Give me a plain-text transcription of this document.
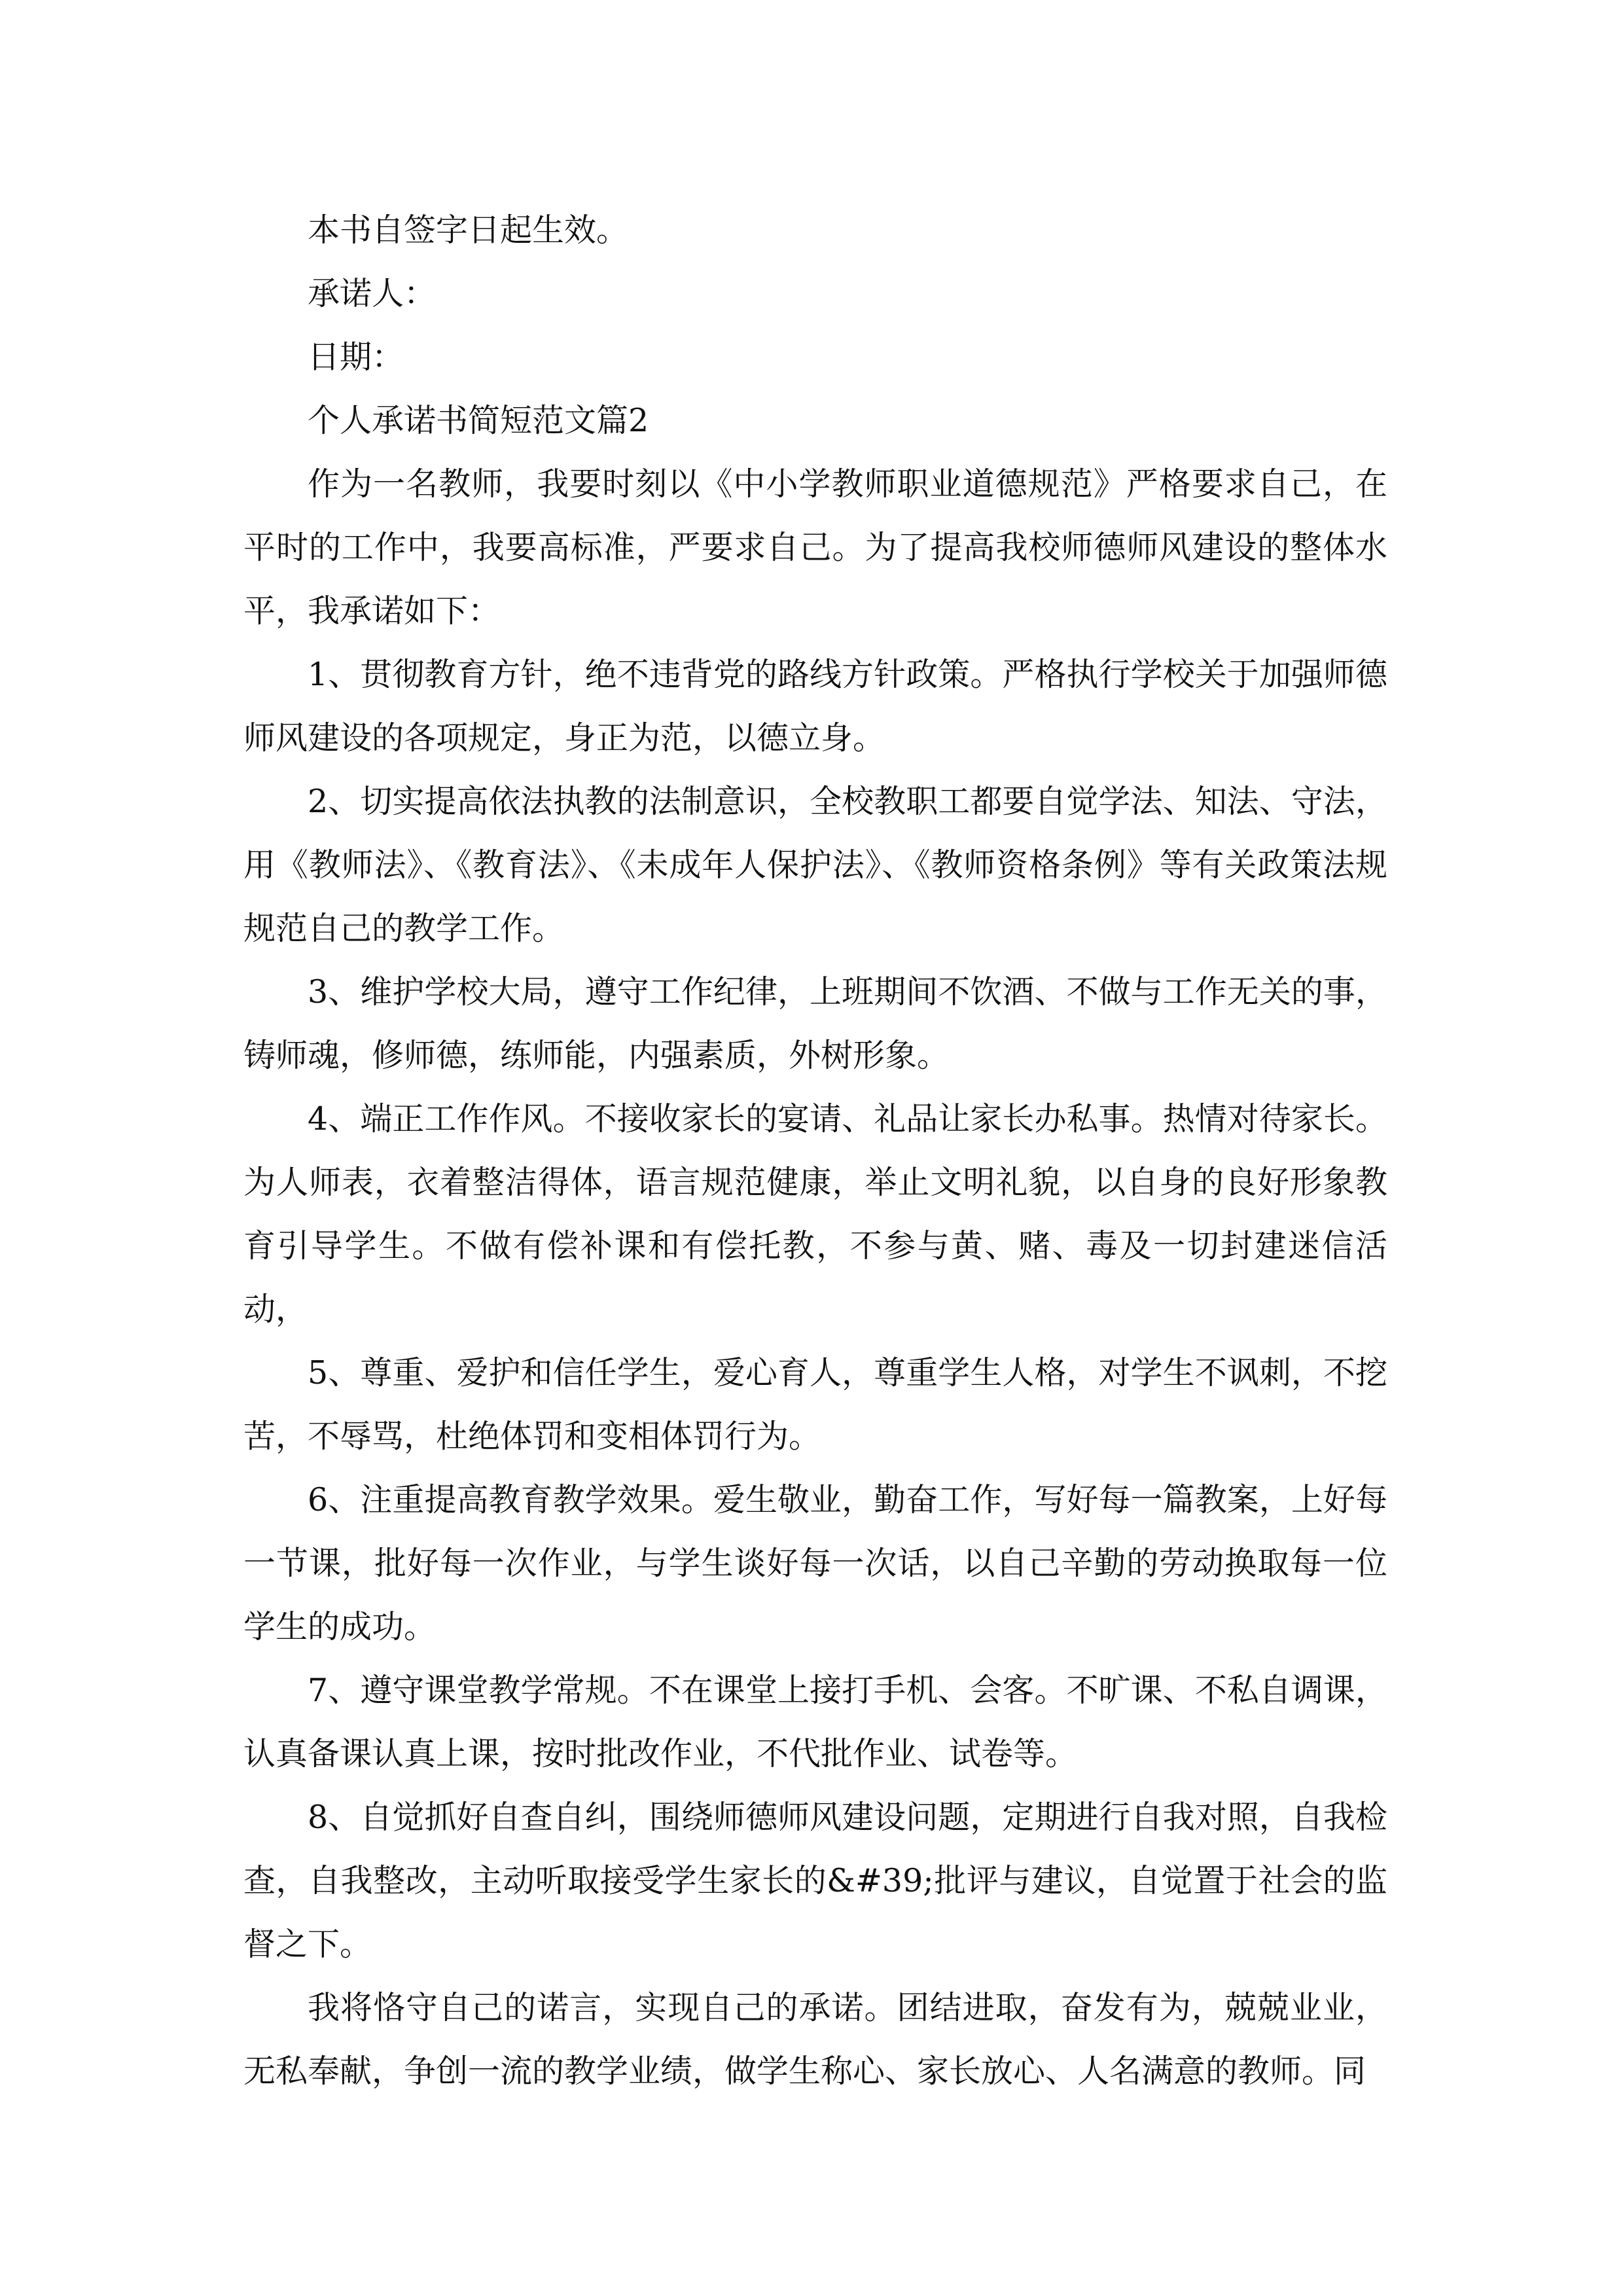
本书自签字日起生效。

承诺人：

日期：

个人承诺书简短范文篇2

作为一名教师，我要时刻以《中小学教师职业道德规范》严格要求自己，在平时的工作中，我要高标准，严要求自己。为了提高我校师德师风建设的整体水平，我承诺如下：

1、贯彻教育方针，绝不违背党的路线方针政策。严格执行学校关于加强师德师风建设的各项规定，身正为范，以德立身。

2、切实提高依法执教的法制意识，全校教职工都要自觉学法、知法、守法，用《教师法》、《教育法》、《未成年人保护法》、《教师资格条例》等有关政策法规规范自己的教学工作。

3、维护学校大局，遵守工作纪律，上班期间不饮酒、不做与工作无关的事，铸师魂，修师德，练师能，内强素质，外树形象。

4、端正工作作风。不接收家长的宴请、礼品让家长办私事。热情对待家长。为人师表，衣着整洁得体，语言规范健康，举止文明礼貌，以自身的良好形象教育引导学生。不做有偿补课和有偿托教，不参与黄、赌、毒及一切封建迷信活动，

5、尊重、爱护和信任学生，爱心育人，尊重学生人格，对学生不讽刺，不挖苦，不辱骂，杜绝体罚和变相体罚行为。

6、注重提高教育教学效果。爱生敬业，勤奋工作，写好每一篇教案，上好每一节课，批好每一次作业，与学生谈好每一次话，以自己辛勤的劳动换取每一位学生的成功。

7、遵守课堂教学常规。不在课堂上接打手机、会客。不旷课、不私自调课，认真备课认真上课，按时批改作业，不代批作业、试卷等。

8、自觉抓好自查自纠，围绕师德师风建设问题，定期进行自我对照，自我检查，自我整改，主动听取接受学生家长的&#39;批评与建议，自觉置于社会的监督之下。

我将恪守自己的诺言，实现自己的承诺。团结进取，奋发有为，兢兢业业，无私奉献，争创一流的教学业绩，做学生称心、家长放心、人名满意的教师。同
